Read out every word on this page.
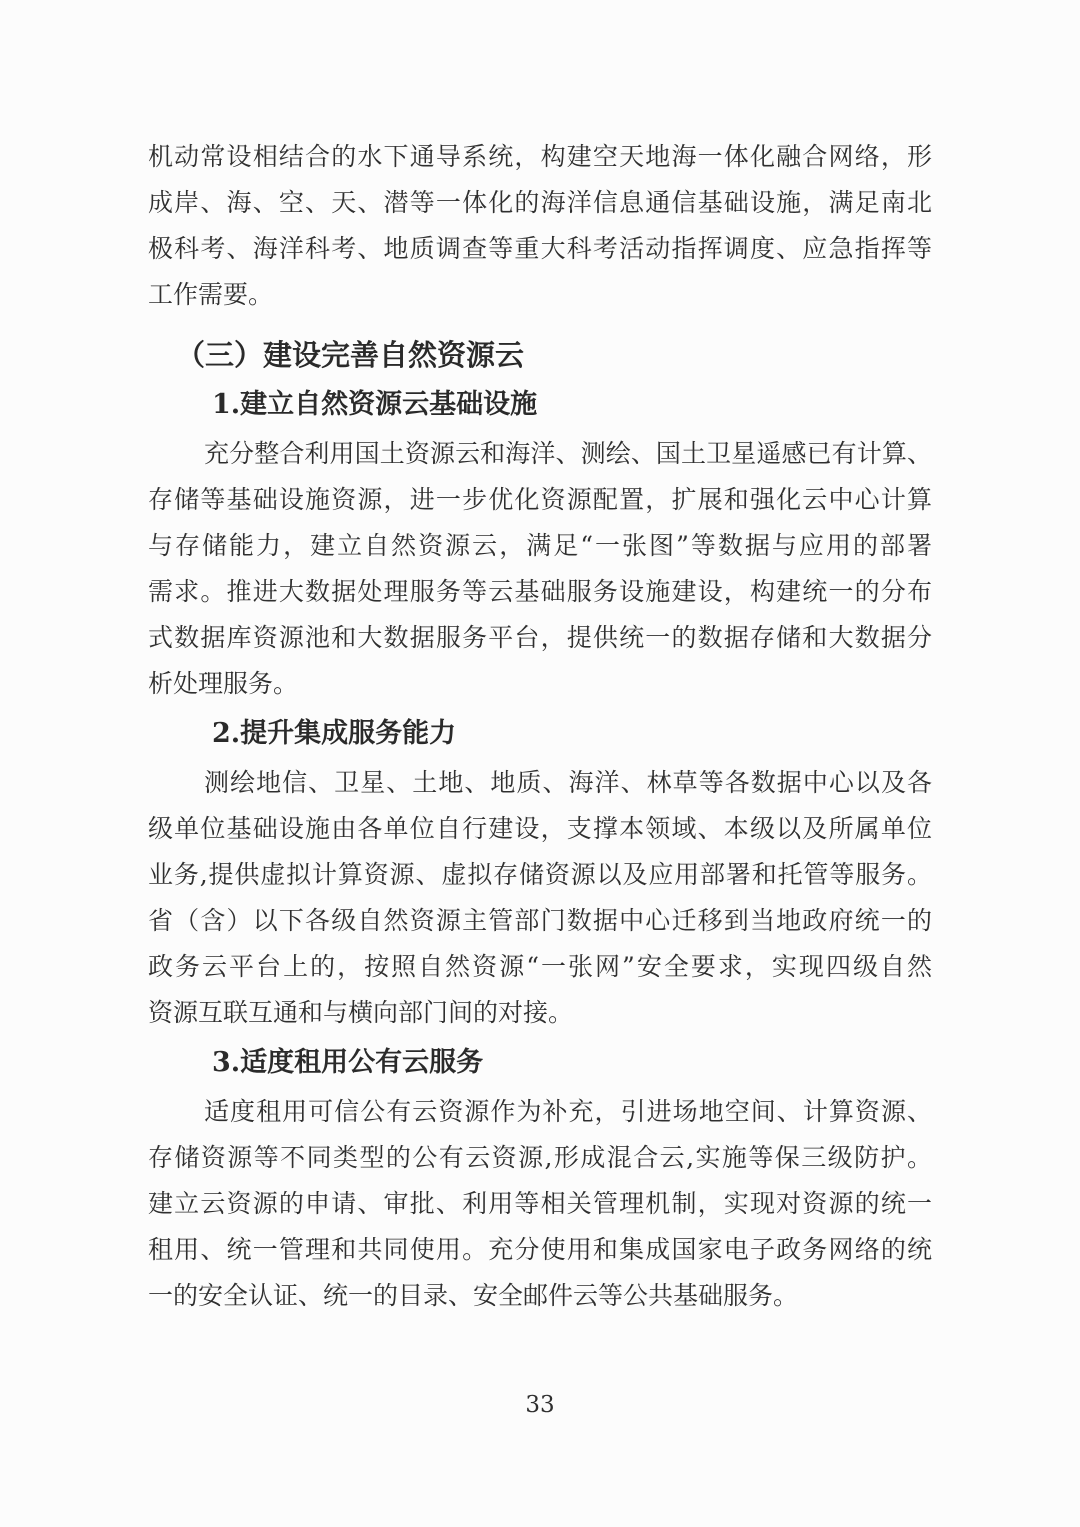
机动常设相结合的水下通导系统，构建空天地海一体化融合网络，形
成岸、海、空、天、潜等一体化的海洋信息通信基础设施，满足南北
极科考、海洋科考、地质调查等重大科考活动指挥调度、应急指挥等
工作需要。
（三）建设完善自然资源云
1.建立自然资源云基础设施
充分整合利用国土资源云和海洋、测绘、国土卫星遥感已有计算、
存储等基础设施资源，进一步优化资源配置，扩展和强化云中心计算
与存储能力，建立自然资源云，满足“一张图”等数据与应用的部署
需求。推进大数据处理服务等云基础服务设施建设，构建统一的分布
式数据库资源池和大数据服务平台，提供统一的数据存储和大数据分
析处理服务。
2.提升集成服务能力
测绘地信、卫星、土地、地质、海洋、林草等各数据中心以及各
级单位基础设施由各单位自行建设，支撑本领域、本级以及所属单位
业务,提供虚拟计算资源、虚拟存储资源以及应用部署和托管等服务。
省（含）以下各级自然资源主管部门数据中心迁移到当地政府统一的
政务云平台上的，按照自然资源“一张网”安全要求，实现四级自然
资源互联互通和与横向部门间的对接。
3.适度租用公有云服务
适度租用可信公有云资源作为补充，引进场地空间、计算资源、
存储资源等不同类型的公有云资源,形成混合云,实施等保三级防护。
建立云资源的申请、审批、利用等相关管理机制，实现对资源的统一
租用、统一管理和共同使用。充分使用和集成国家电子政务网络的统
一的安全认证、统一的目录、安全邮件云等公共基础服务。
33
